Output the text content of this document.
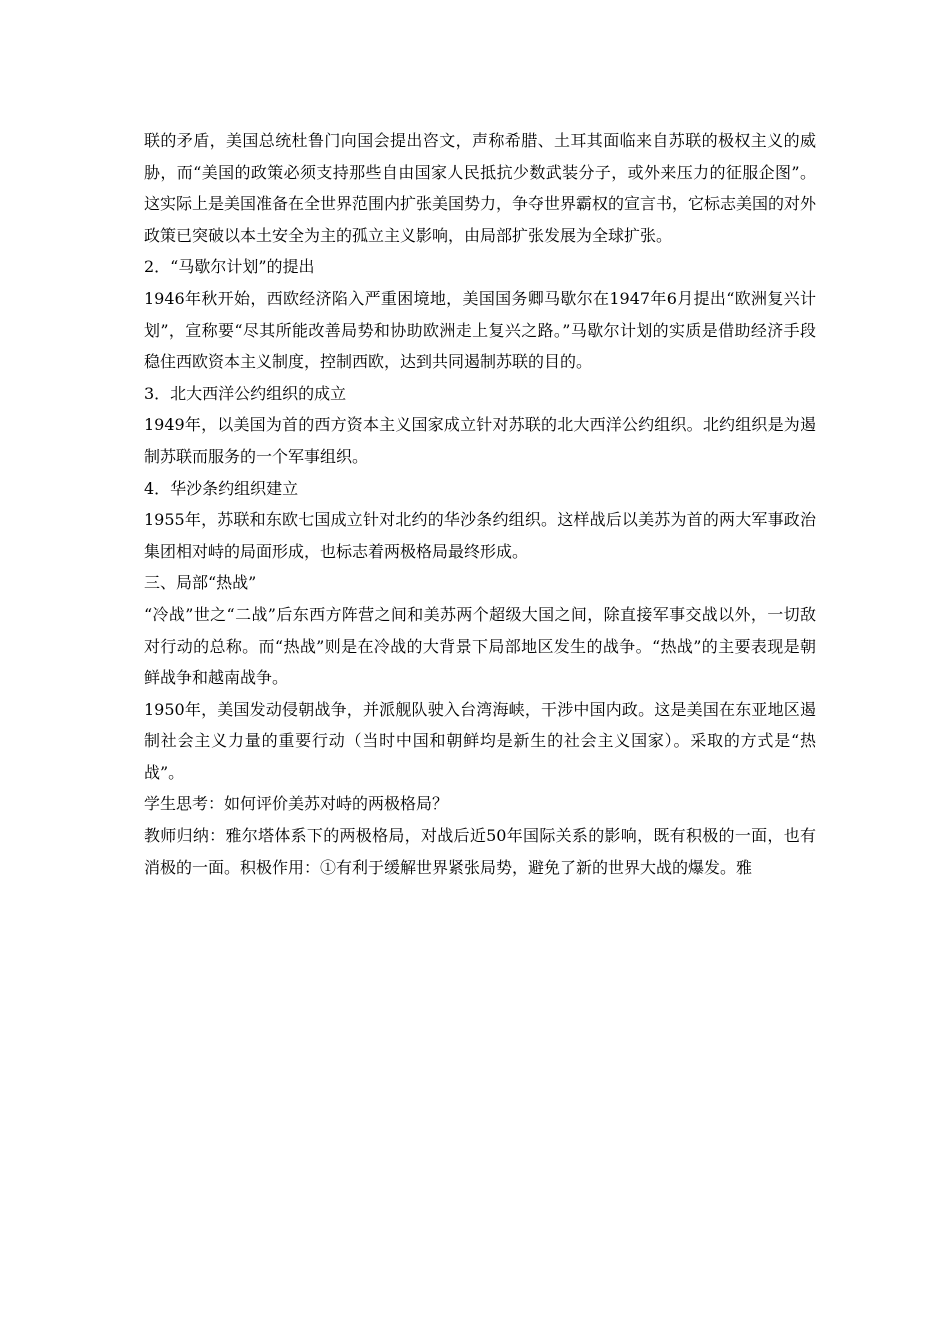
联的矛盾，美国总统杜鲁门向国会提出咨文，声称希腊、土耳其面临来自苏联的极权主义的威胁，而“美国的政策必须支持那些自由国家人民抵抗少数武装分子，或外来压力的征服企图”。这实际上是美国准备在全世界范围内扩张美国势力，争夺世界霸权的宣言书，它标志美国的对外政策已突破以本土安全为主的孤立主义影响，由局部扩张发展为全球扩张。

2．“马歇尔计划”的提出

1946年秋开始，西欧经济陷入严重困境地，美国国务卿马歇尔在1947年6月提出“欧洲复兴计划”，宣称要“尽其所能改善局势和协助欧洲走上复兴之路。”马歇尔计划的实质是借助经济手段稳住西欧资本主义制度，控制西欧，达到共同遏制苏联的目的。

3．北大西洋公约组织的成立

1949年，以美国为首的西方资本主义国家成立针对苏联的北大西洋公约组织。北约组织是为遏制苏联而服务的一个军事组织。

4．华沙条约组织建立

1955年，苏联和东欧七国成立针对北约的华沙条约组织。这样战后以美苏为首的两大军事政治集团相对峙的局面形成，也标志着两极格局最终形成。

三、局部“热战”

“冷战”世之“二战”后东西方阵营之间和美苏两个超级大国之间，除直接军事交战以外，一切敌对行动的总称。而“热战”则是在冷战的大背景下局部地区发生的战争。“热战”的主要表现是朝鲜战争和越南战争。

1950年，美国发动侵朝战争，并派舰队驶入台湾海峡，干涉中国内政。这是美国在东亚地区遏制社会主义力量的重要行动（当时中国和朝鲜均是新生的社会主义国家）。采取的方式是“热战”。

学生思考：如何评价美苏对峙的两极格局？

教师归纳：雅尔塔体系下的两极格局，对战后近50年国际关系的影响，既有积极的一面，也有消极的一面。积极作用：①有利于缓解世界紧张局势，避免了新的世界大战的爆发。雅
